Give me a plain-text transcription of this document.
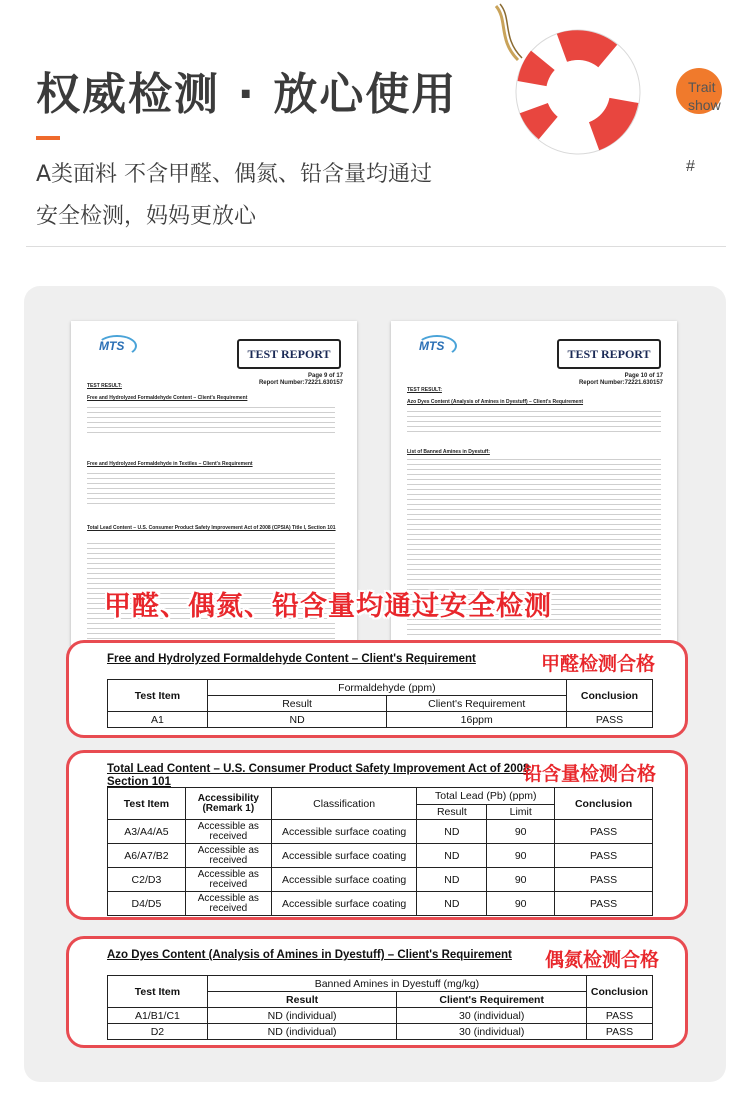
权威检测 · 放心使用
A类面料 不含甲醛、偶氮、铅含量均通过
安全检测，妈妈更放心
Trait
show
#
MTS
TEST REPORT
Page 9 of 17
Report Number:72221.630157
TEST RESULT:
Free and Hydrolyzed Formaldehyde Content – Client's Requirement
Free and Hydrolyzed Formaldehyde in Textiles – Client's Requirement
Total Lead Content – U.S. Consumer Product Safety Improvement Act of 2008 (CPSIA) Title I, Section 101
MTS
TEST REPORT
Page 10 of 17
Report Number:72221.630157
TEST RESULT:
Azo Dyes Content (Analysis of Amines in Dyestuff) – Client's Requirement
List of Banned Amines in Dyestuff:
甲醛、偶氮、铅含量均通过安全检测
Free and Hydrolyzed Formaldehyde Content – Client's Requirement	甲醛检测合格
Test Item	Formaldehyde (ppm)		Conclusion
	Result	Client's Requirement	
A1	ND	16ppm	PASS
Total Lead Content – U.S. Consumer Product Safety Improvement Act of 2008
Section 101	铅含量检测合格
Test Item	Accessibility (Remark 1)	Classification	Total Lead (Pb) (ppm)		Conclusion
			Result	Limit	
A3/A4/A5	Accessible as received	Accessible surface coating	ND	90	PASS
A6/A7/B2	Accessible as received	Accessible surface coating	ND	90	PASS
C2/D3	Accessible as received	Accessible surface coating	ND	90	PASS
D4/D5	Accessible as received	Accessible surface coating	ND	90	PASS
Azo Dyes Content (Analysis of Amines in Dyestuff) – Client's Requirement 偶氮检测合格
Test Item	Banned Amines in Dyestuff (mg/kg)		Conclusion
	Result	Client's Requirement	
A1/B1/C1	ND (individual)	30 (individual)	PASS
D2	ND (individual)	30 (individual)	PASS
